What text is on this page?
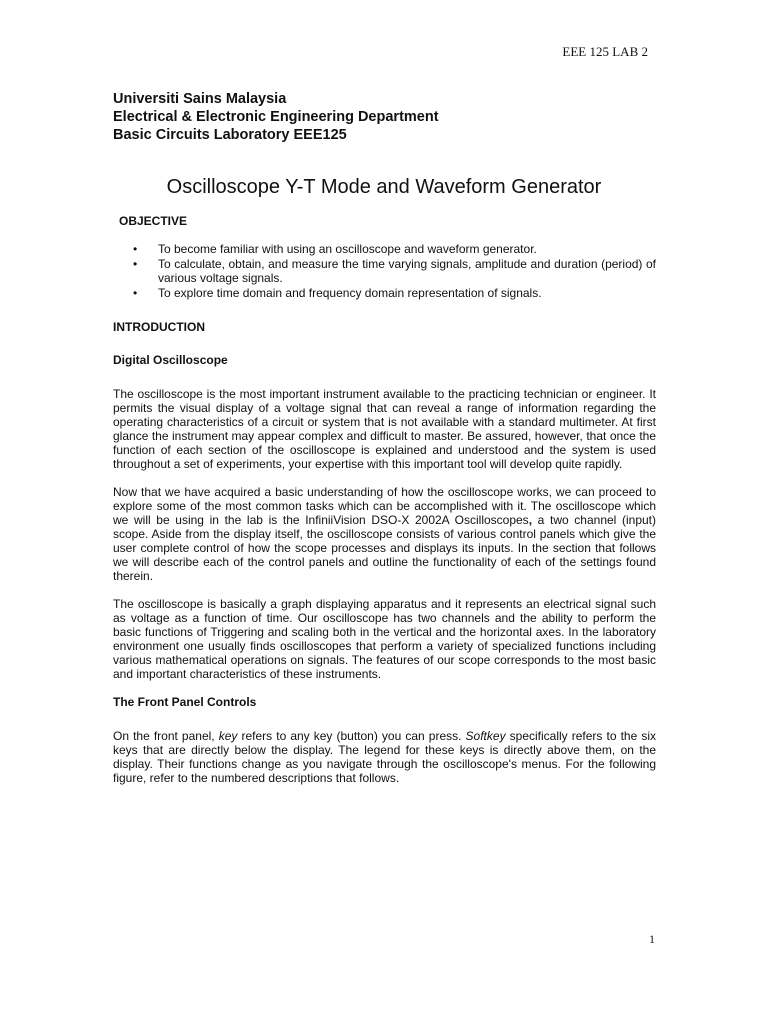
EEE 125 LAB 2
Universiti Sains Malaysia
Electrical & Electronic Engineering Department
Basic Circuits Laboratory EEE125
Oscilloscope Y-T Mode and Waveform Generator
OBJECTIVE
• To become familiar with using an oscilloscope and waveform generator.
• To calculate, obtain, and measure the time varying signals, amplitude and duration (period) of various voltage signals.
• To explore time domain and frequency domain representation of signals.
INTRODUCTION
Digital Oscilloscope

The oscilloscope is the most important instrument available to the practicing technician or engineer. It permits the visual display of a voltage signal that can reveal a range of information regarding the operating characteristics of a circuit or system that is not available with a standard multimeter. At first glance the instrument may appear complex and difficult to master. Be assured, however, that once the function of each section of the oscilloscope is explained and understood and the system is used throughout a set of experiments, your expertise with this important tool will develop quite rapidly.

Now that we have acquired a basic understanding of how the oscilloscope works, we can proceed to explore some of the most common tasks which can be accomplished with it. The oscilloscope which we will be using in the lab is the InfiniiVision DSO-X 2002A Oscilloscopes, a two channel (input) scope. Aside from the display itself, the oscilloscope consists of various control panels which give the user complete control of how the scope processes and displays its inputs. In the section that follows we will describe each of the control panels and outline the functionality of each of the settings found therein.

The oscilloscope is basically a graph displaying apparatus and it represents an electrical signal such as voltage as a function of time. Our oscilloscope has two channels and the ability to perform the basic functions of Triggering and scaling both in the vertical and the horizontal axes. In the laboratory environment one usually finds oscilloscopes that perform a variety of specialized functions including various mathematical operations on signals. The features of our scope corresponds to the most basic and important characteristics of these instruments.

The Front Panel Controls

On the front panel, key refers to any key (button) you can press. Softkey specifically refers to the six keys that are directly below the display. The legend for these keys is directly above them, on the display. Their functions change as you navigate through the oscilloscope's menus. For the following figure, refer to the numbered descriptions that follows.

1
